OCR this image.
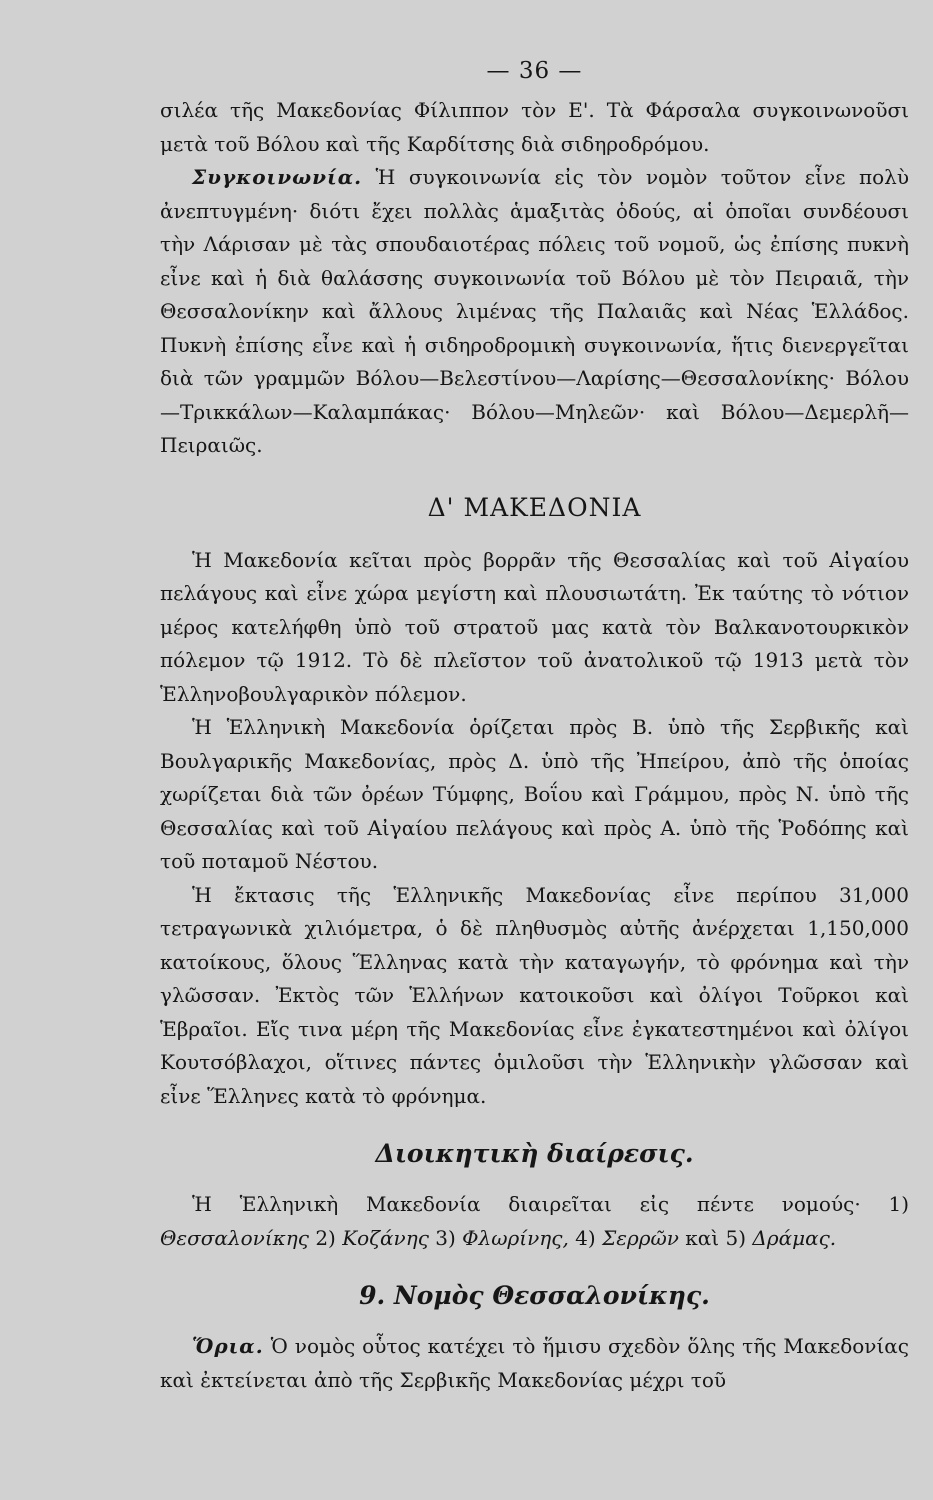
— 36 —

σιλέα τῆς Μακεδονίας Φίλιππον τὸν Ε'. Τὰ Φάρσαλα συγκοινωνοῦσι μετὰ τοῦ Βόλου καὶ τῆς Καρδίτσης διὰ σιδηροδρόμου.

Συγκοινωνία. Ἡ συγκοινωνία εἰς τὸν νομὸν τοῦτον εἶνε πολὺ ἀνεπτυγμένη· διότι ἔχει πολλὰς ἁμαξιτὰς ὁδούς, αἱ ὁποῖαι συνδέουσι τὴν Λάρισαν μὲ τὰς σπουδαιοτέρας πόλεις τοῦ νομοῦ, ὡς ἐπίσης πυκνὴ εἶνε καὶ ἡ διὰ θαλάσσης συγκοινωνία τοῦ Βόλου μὲ τὸν Πειραιᾶ, τὴν Θεσσαλονίκην καὶ ἄλλους λιμένας τῆς Παλαιᾶς καὶ Νέας Ἑλλάδος. Πυκνὴ ἐπίσης εἶνε καὶ ἡ σιδηροδρομικὴ συγκοινωνία, ἥτις διενεργεῖται διὰ τῶν γραμμῶν Βόλου—Βελεστίνου—Λαρίσης—Θεσσαλονίκης· Βόλου—Τρικκάλων—Καλαμπάκας· Βόλου—Μηλεῶν· καὶ Βόλου—Δεμερλῆ—Πειραιῶς.

Δ' ΜΑΚΕΔΟΝΙΑ

Ἡ Μακεδονία κεῖται πρὸς βορρᾶν τῆς Θεσσαλίας καὶ τοῦ Αἰγαίου πελάγους καὶ εἶνε χώρα μεγίστη καὶ πλουσιωτάτη. Ἐκ ταύτης τὸ νότιον μέρος κατελήφθη ὑπὸ τοῦ στρατοῦ μας κατὰ τὸν Βαλκανοτουρκικὸν πόλεμον τῷ 1912. Τὸ δὲ πλεῖστον τοῦ ἀνατολικοῦ τῷ 1913 μετὰ τὸν Ἑλληνοβουλγαρικὸν πόλεμον.

Ἡ Ἑλληνικὴ Μακεδονία ὁρίζεται πρὸς Β. ὑπὸ τῆς Σερβικῆς καὶ Βουλγαρικῆς Μακεδονίας, πρὸς Δ. ὑπὸ τῆς Ἠπείρου, ἀπὸ τῆς ὁποίας χωρίζεται διὰ τῶν ὀρέων Τύμφης, Βοΐου καὶ Γράμμου, πρὸς Ν. ὑπὸ τῆς Θεσσαλίας καὶ τοῦ Αἰγαίου πελάγους καὶ πρὸς Α. ὑπὸ τῆς Ῥοδόπης καὶ τοῦ ποταμοῦ Νέστου.

Ἡ ἔκτασις τῆς Ἑλληνικῆς Μακεδονίας εἶνε περίπου 31,000 τετραγωνικὰ χιλιόμετρα, ὁ δὲ πληθυσμὸς αὐτῆς ἀνέρχεται 1,150,000 κατοίκους, ὅλους Ἕλληνας κατὰ τὴν καταγωγήν, τὸ φρόνημα καὶ τὴν γλῶσσαν. Ἐκτὸς τῶν Ἑλλήνων κατοικοῦσι καὶ ὀλίγοι Τοῦρκοι καὶ Ἑβραῖοι. Εἴς τινα μέρη τῆς Μακεδονίας εἶνε ἐγκατεστημένοι καὶ ὀλίγοι Κουτσόβλαχοι, οἵτινες πάντες ὁμιλοῦσι τὴν Ἑλληνικὴν γλῶσσαν καὶ εἶνε Ἕλληνες κατὰ τὸ φρόνημα.

Διοικητικὴ διαίρεσις.

Ἡ Ἑλληνικὴ Μακεδονία διαιρεῖται εἰς πέντε νομούς· 1) Θεσσαλονίκης 2) Κοζάνης 3) Φλωρίνης, 4) Σερρῶν καὶ 5) Δράμας.

9. Νομὸς Θεσσαλονίκης.

Ὅρια. Ὁ νομὸς οὗτος κατέχει τὸ ἥμισυ σχεδὸν ὅλης τῆς Μακεδονίας καὶ ἐκτείνεται ἀπὸ τῆς Σερβικῆς Μακεδονίας μέχρι τοῦ
